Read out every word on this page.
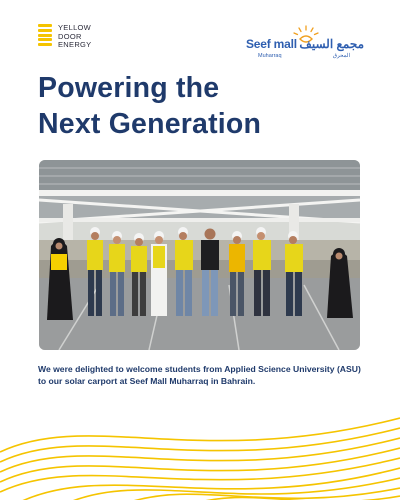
YELLOW
DOOR
ENERGY	Seef mall
Muharraq
مجمع السيف
المحرق
Powering the
Next Generation

We were delighted to welcome students from Applied Science University (ASU) to our solar carport at Seef Mall Muharraq in Bahrain.
